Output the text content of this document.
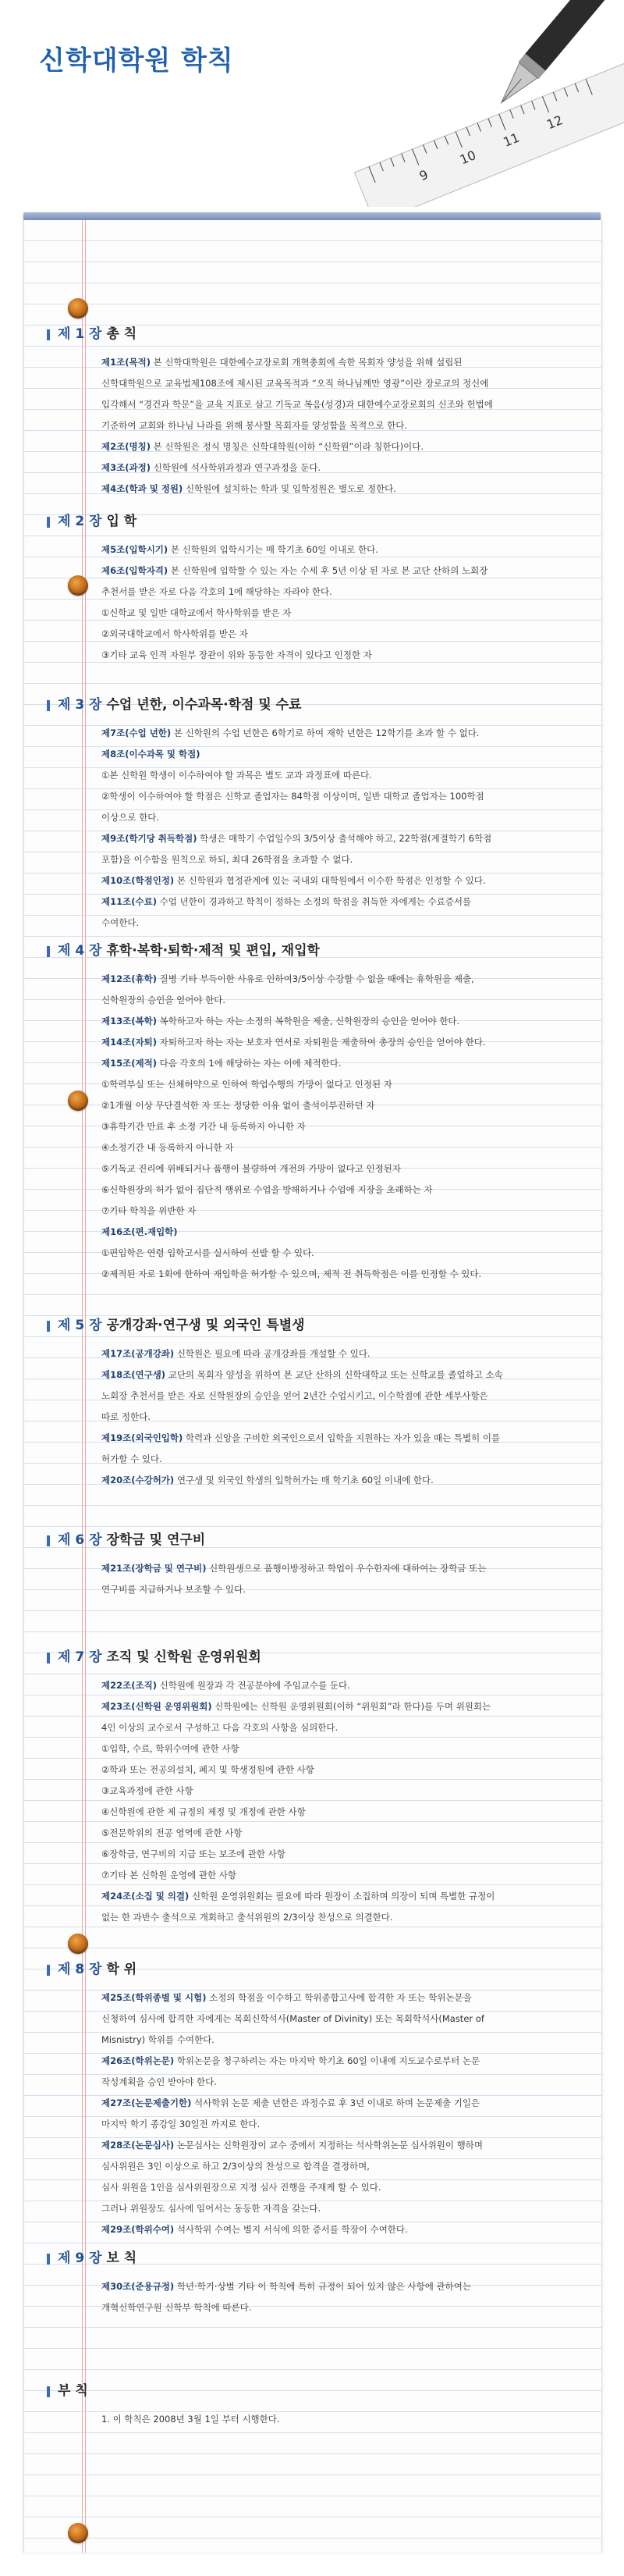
신학대학원 학칙
9
10
11
12
제 1 장 총 칙
제1조(목적) 본 신학대학원은 대한예수교장로회 개혁총회에 속한 목회자 양성을 위해 설립된
신학대학원으로 교육법제108조에 제시된 교육목적과 “오직 하나님께만 영광”이란 장로교의 정신에
입각해서 “경건과 학문”을 교육 지표로 삼고 기독교 복음(성경)과 대한예수교장로회의 신조와 헌법에
기준하여 교회와 하나님 나라를 위해 봉사할 목회자를 양성함을 목적으로 한다.
제2조(명칭) 본 신학원은 정식 명칭은 신학대학원(이하 “신학원”이라 칭한다)이다.
제3조(과정) 신학원에 석사학위과정과 연구과정을 둔다.
제4조(학과 및 정원) 신학원에 설치하는 학과 및 입학정원은 별도로 정한다.
제 2 장 입 학
제5조(입학시기) 본 신학원의 입학시기는 매 학기초 60일 이내로 한다.
제6조(입학자격) 본 신학원에 입학할 수 있는 자는 수세 후 5년 이상 된 자로 본 교단 산하의 노회장
추천서를 받은 자로 다음 각호의 1에 해당하는 자라야 한다.
①신학교 및 일반 대학교에서 학사학위를 받은 자
②외국대학교에서 학사학위를 받은 자
③기타 교육 인격 자원부 장관이 위와 동등한 자격이 있다고 인정한 자
제 3 장 수업 년한, 이수과목·학점 및 수료
제7조(수업 년한) 본 신학원의 수업 년한은 6학기로 하여 재학 년한은 12학기를 초과 할 수 없다.
제8조(이수과목 및 학점)
①본 신학원 학생이 이수하여야 할 과목은 별도 교과 과정표에 따른다.
②학생이 이수하여야 할 학점은 신학교 졸업자는 84학점 이상이며, 일반 대학교 졸업자는 100학점
이상으로 한다.
제9조(학기당 취득학점) 학생은 매학기 수업일수의 3/5이상 출석해야 하고, 22학점(계절학기 6학점
포함)을 이수함을 원칙으로 하되, 최대 26학점을 초과할 수 없다.
제10조(학점인정) 본 신학원과 협정관계에 있는 국내외 대학원에서 이수한 학점은 인정할 수 있다.
제11조(수료) 수업 년한이 경과하고 학칙이 정하는 소정의 학점을 취득한 자에게는 수료증서를
수여한다.
제 4 장 휴학·복학·퇴학·제적 및 편입, 재입학
제12조(휴학) 질병 기타 부득이한 사유로 인하여3/5이상 수강할 수 없을 때에는 휴학원을 제출,
신학원장의 승인을 얻어야 한다.
제13조(복학) 복학하고자 하는 자는 소정의 복학원을 제출, 신학원장의 승인을 얻어야 한다.
제14조(자퇴) 자퇴하고자 하는 자는 보호자 연서로 자퇴원을 제출하여 총장의 승인을 얻어야 한다.
제15조(제적) 다음 각호의 1에 해당하는 자는 이에 제적한다.
①학력부실 또는 신체허약으로 인하여 학업수행의 가망이 없다고 인정된 자
②1개월 이상 무단결석한 자 또는 정당한 이유 없이 출석이부진하던 자
③휴학기간 만료 후 소정 기간 내 등록하지 아니한 자
④소정기간 내 등록하지 아니한 자
⑤기독교 진리에 위배되거나 품행이 불량하여 개전의 가망이 없다고 인정된자
⑥신학원장의 허가 없이 집단적 행위로 수업을 방해하거나 수업에 지장을 초래하는 자
⑦기타 학칙을 위반한 자
제16조(편.재입학)
①편입학은 연령 입학고시를 실시하여 선발 할 수 있다.
②제적된 자로 1회에 한하여 재입학을 허가할 수 있으며, 제적 전 취득학점은 이를 인정할 수 있다.
제 5 장 공개강좌·연구생 및 외국인 특별생
제17조(공개강좌) 신학원은 필요에 따라 공개강좌를 개설할 수 있다.
제18조(연구생) 교단의 목회자 양성을 위하여 본 교단 산하의 신학대학교 또는 신학교를 졸업하고 소속
노회장 추천서를 받은 자로 신학원장의 승인을 얻어 2년간 수업시키고, 이수학점에 관한 세부사항은
따로 정한다.
제19조(외국인입학) 학력과 신앙을 구비한 외국인으로서 입학을 지원하는 자가 있을 때는 특별히 이를
허가할 수 있다.
제20조(수강허가) 연구생 및 외국인 학생의 입학허가는 매 학기초 60일 이내에 한다.
제 6 장 장학금 및 연구비
제21조(장학금 및 연구비) 신학원생으로 품행이방정하고 학업이 우수한자에 대하여는 장학금 또는
연구비를 지급하거나 보조할 수 있다.
제 7 장 조직 및 신학원 운영위원회
제22조(조직) 신학원에 원장과 각 전공분야에 주임교수를 둔다.
제23조(신학원 운영위원회) 신학원에는 신학원 운영위원회(이하 “위원회”라 한다)를 두며 위원회는
4인 이상의 교수로서 구성하고 다음 각호의 사항을 심의한다.
①입학, 수료, 학위수여에 관한 사항
②학과 또는 전공의설치, 폐지 및 학생정원에 관한 사항
③교육과정에 관한 사항
④신학원에 관한 제 규정의 제정 및 개정에 관한 사항
⑤전문학위의 전공 영역에 관한 사항
⑥장학금, 연구비의 지급 또는 보조에 관한 사항
⑦기타 본 신학원 운영에 관한 사항
제24조(소집 및 의결) 신학원 운영위원회는 필요에 따라 원장이 소집하며 의장이 되며 특별한 규정이
없는 한 과반수 출석으로 개회하고 출석위원의 2/3이상 찬성으로 의결한다.
제 8 장 학 위
제25조(학위종별 및 시험) 소정의 학점을 이수하고 학위종합고사에 합격한 자 또는 학위논문을
신청하여 심사에 합격한 자에게는 목회신학석사(Master of Divinity) 또는 목회학석사(Master of
Misnistry) 학위를 수여한다.
제26조(학위논문) 학위논문을 청구하려는 자는 마지막 학기초 60일 이내에 지도교수로부터 논문
작성계획을 승인 받아야 한다.
제27조(논문제출기한) 석사학위 논문 제출 년한은 과정수료 후 3년 이내로 하며 논문제출 기일은
마지막 학기 종강일 30일전 까지로 한다.
제28조(논문심사) 논문심사는 신학원장이 교수 중에서 지정하는 석사학위논문 심사위원이 행하며
심사위원은 3인 이상으로 하고 2/3이상의 찬성으로 합격을 결정하며,
심사 위원을 1인을 심사위원장으로 지정 심사 진행을 주재케 할 수 있다.
그러나 위원장도 심사에 임어서는 동등한 자격을 갖는다.
제29조(학위수여) 석사학위 수여는 별지 서식에 의한 증서를 학장이 수여한다.
제 9 장 보 칙
제30조(준용규정) 학년·학기·상벌 기타 이 학칙에 특히 규정이 되어 있지 않은 사항에 관하여는
개혁신학연구원 신학부 학칙에 따른다.
부 칙
1. 이 학칙은 2008년 3월 1일 부터 시행한다.
